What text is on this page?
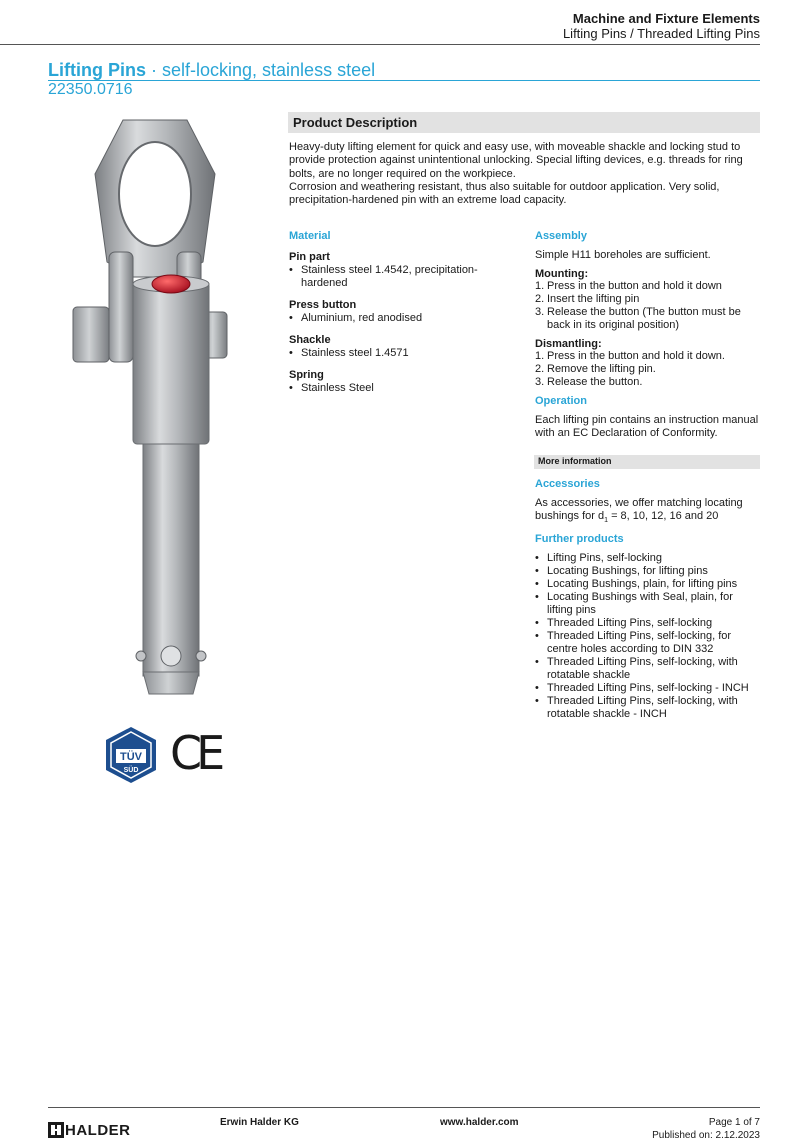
Machine and Fixture Elements
Lifting Pins / Threaded Lifting Pins
Lifting Pins · self-locking, stainless steel
22350.0716
TÜV
SÜD CE
Product Description
Heavy-duty lifting element for quick and easy use, with moveable shackle and locking stud to
provide protection against unintentional unlocking. Special lifting devices, e.g. threads for ring
bolts, are no longer required on the workpiece.
Corrosion and weathering resistant, thus also suitable for outdoor application. Very solid,
precipitation-hardened pin with an extreme load capacity.
Material
Pin part
• Stainless steel 1.4542, precipitation-hardened
Press button
• Aluminium, red anodised
Shackle
• Stainless steel 1.4571
Spring
• Stainless Steel
Assembly
Simple H11 boreholes are sufficient.
Mounting:
1. Press in the button and hold it down
2. Insert the lifting pin
3. Release the button (The button must be back in its original position)
Dismantling:
1. Press in the button and hold it down.
2. Remove the lifting pin.
3. Release the button.
Operation
Each lifting pin contains an instruction manual with an EC Declaration of Conformity.
More information
Accessories
As accessories, we offer matching locating
bushings for $d_1 = 8$, 10, 12, 16 and 20
Further products
• Lifting Pins, self-locking
• Locating Bushings, for lifting pins
• Locating Bushings, plain, for lifting pins
• Locating Bushings with Seal, plain, for lifting pins
• Threaded Lifting Pins, self-locking
• Threaded Lifting Pins, self-locking, for centre holes according to DIN 332
• Threaded Lifting Pins, self-locking, with rotatable shackle
• Threaded Lifting Pins, self-locking - INCH
• Threaded Lifting Pins, self-locking, with rotatable shackle - INCH
HALDER	Erwin Halder KG	www.halder.com	Page 1 of 7
Published on: 2.12.2023
